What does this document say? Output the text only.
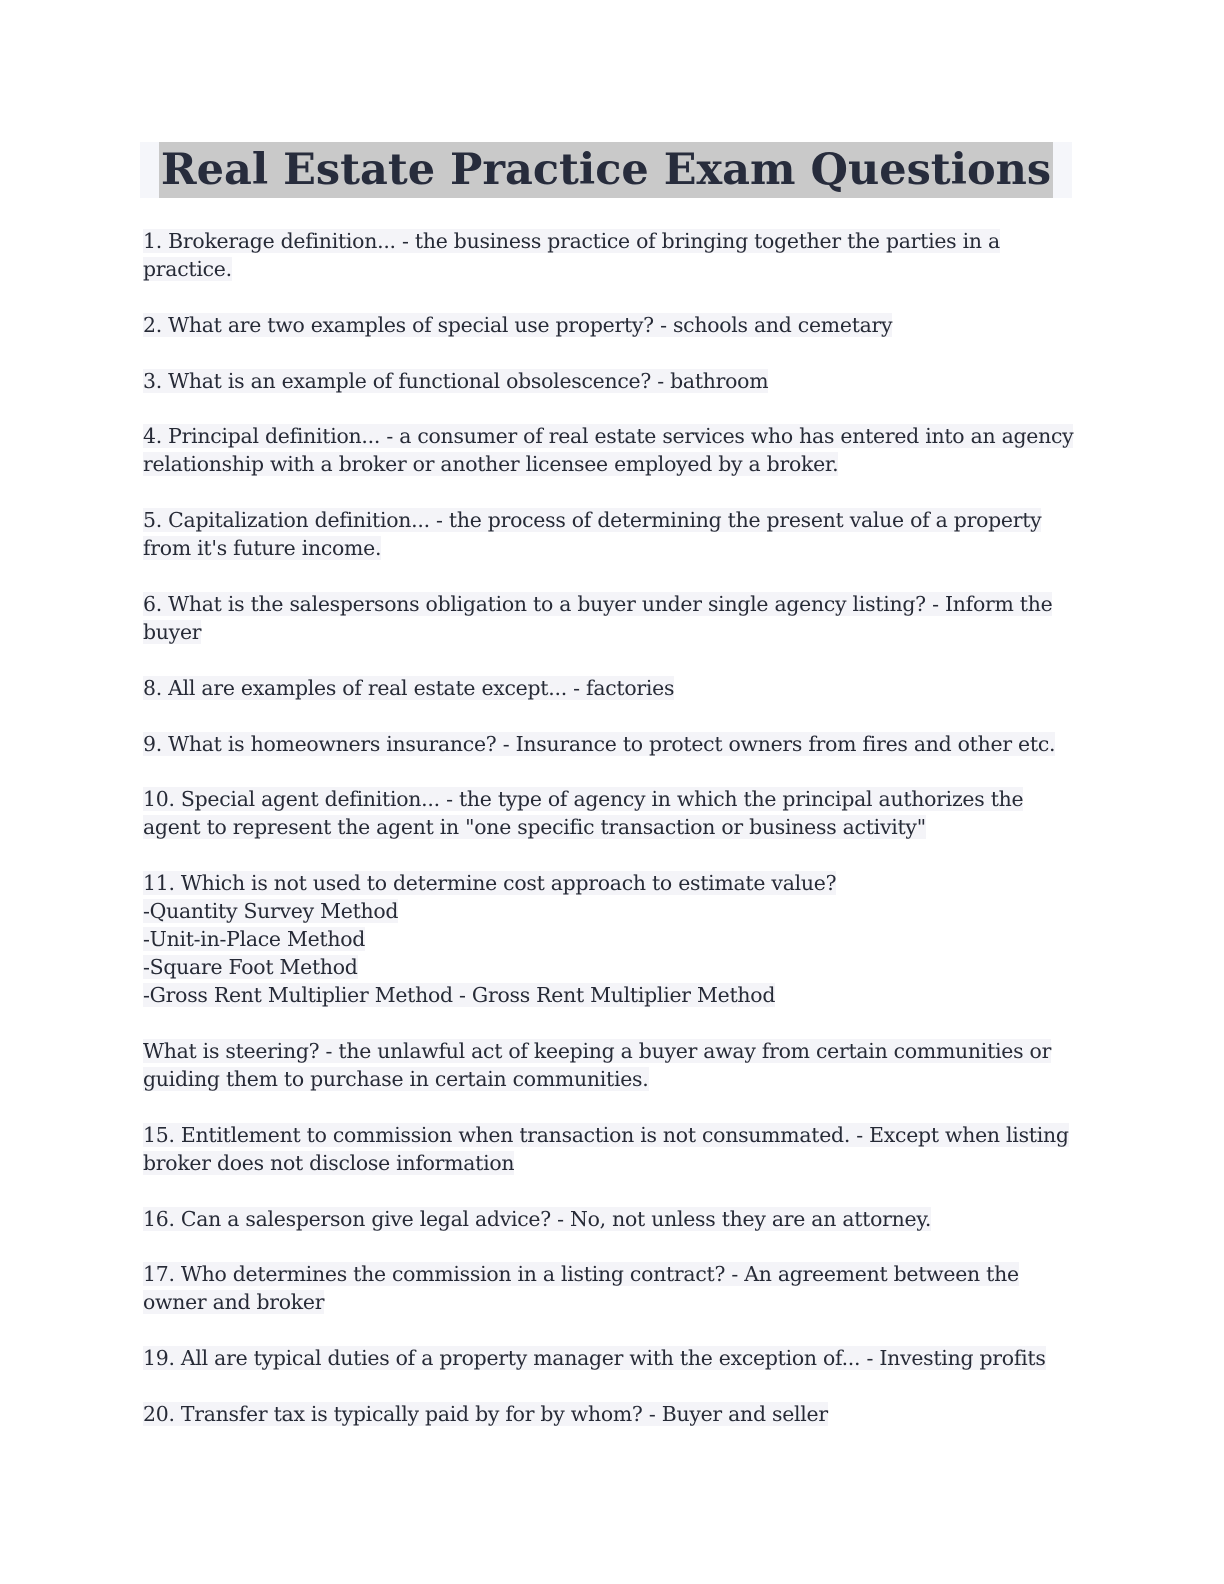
Real Estate Practice Exam Questions

1. Brokerage definition... - the business practice of bringing together the parties in a practice.

2. What are two examples of special use property? - schools and cemetary

3. What is an example of functional obsolescence? - bathroom

4. Principal definition... - a consumer of real estate services who has entered into an agency relationship with a broker or another licensee employed by a broker.

5. Capitalization definition... - the process of determining the present value of a property from it's future income.

6. What is the salespersons obligation to a buyer under single agency listing? - Inform the buyer

8. All are examples of real estate except... - factories

9. What is homeowners insurance? - Insurance to protect owners from fires and other etc.

10. Special agent definition... - the type of agency in which the principal authorizes the agent to represent the agent in "one specific transaction or business activity"

11. Which is not used to determine cost approach to estimate value?
-Quantity Survey Method
-Unit-in-Place Method
-Square Foot Method
-Gross Rent Multiplier Method - Gross Rent Multiplier Method

What is steering? - the unlawful act of keeping a buyer away from certain communities or guiding them to purchase in certain communities.

15. Entitlement to commission when transaction is not consummated. - Except when listing broker does not disclose information

16. Can a salesperson give legal advice? - No, not unless they are an attorney.

17. Who determines the commission in a listing contract? - An agreement between the owner and broker

19. All are typical duties of a property manager with the exception of... - Investing profits

20. Transfer tax is typically paid by for by whom? - Buyer and seller
